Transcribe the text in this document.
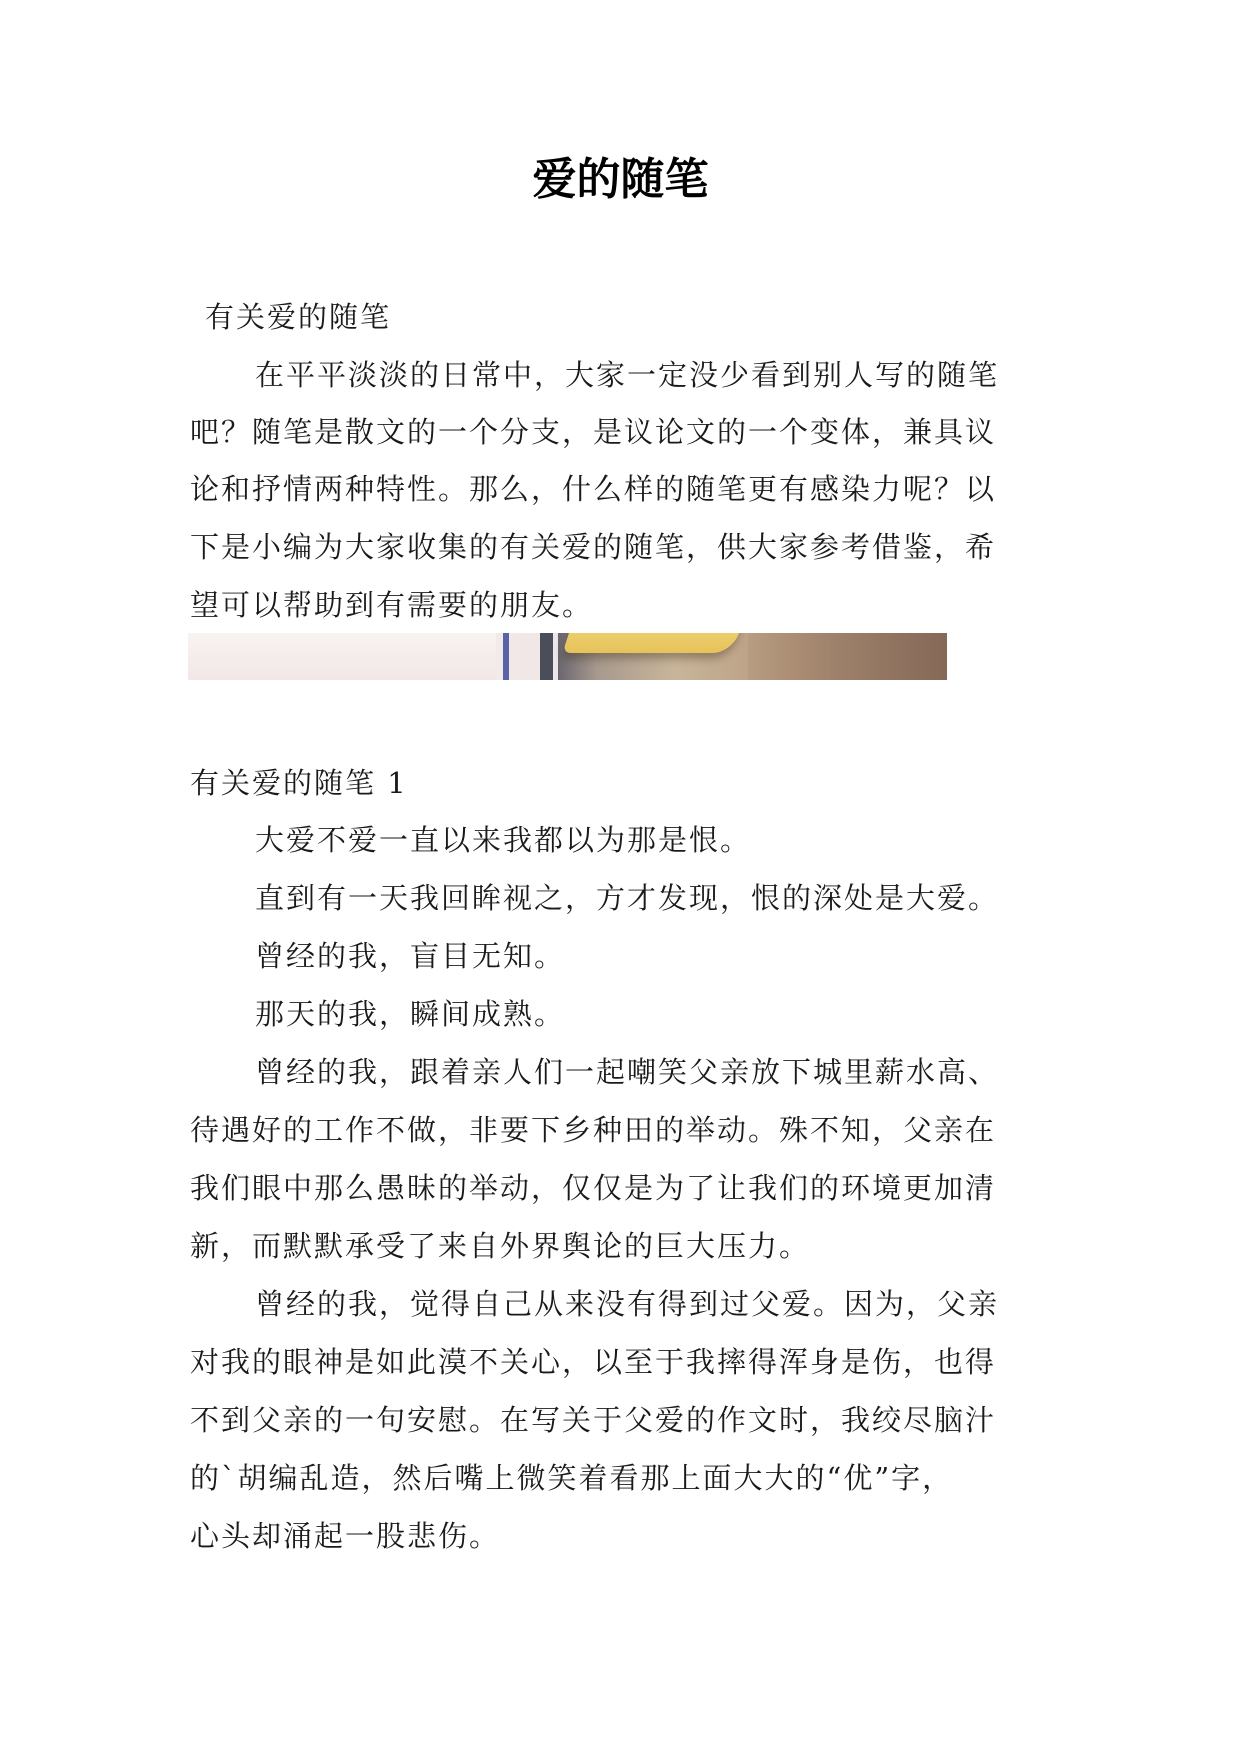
爱的随笔
有关爱的随笔
在平平淡淡的日常中，大家一定没少看到别人写的随笔
吧？随笔是散文的一个分支，是议论文的一个变体，兼具议
论和抒情两种特性。那么，什么样的随笔更有感染力呢？以
下是小编为大家收集的有关爱的随笔，供大家参考借鉴，希
望可以帮助到有需要的朋友。
有关爱的随笔 1
大爱不爱一直以来我都以为那是恨。
直到有一天我回眸视之，方才发现，恨的深处是大爱。
曾经的我，盲目无知。
那天的我，瞬间成熟。
曾经的我，跟着亲人们一起嘲笑父亲放下城里薪水高、
待遇好的工作不做，非要下乡种田的举动。殊不知，父亲在
我们眼中那么愚昧的举动，仅仅是为了让我们的环境更加清
新，而默默承受了来自外界舆论的巨大压力。
曾经的我，觉得自己从来没有得到过父爱。因为，父亲
对我的眼神是如此漠不关心，以至于我摔得浑身是伤，也得
不到父亲的一句安慰。在写关于父爱的作文时，我绞尽脑汁
的`胡编乱造，然后嘴上微笑着看那上面大大的“优”字，
心头却涌起一股悲伤。
